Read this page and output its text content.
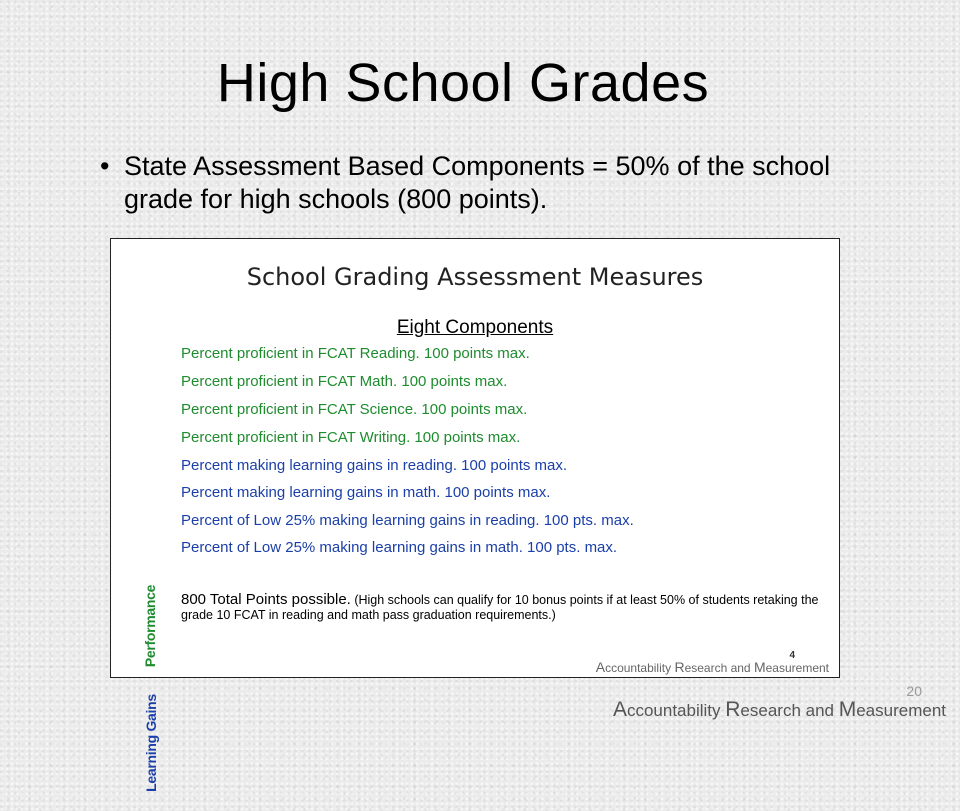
High School Grades
• State Assessment Based Components = 50% of the school grade for high schools (800 points).
School Grading Assessment Measures
Eight Components
Performance
Learning Gains
Percent proficient in FCAT Reading. 100 points max.
Percent proficient in FCAT Math. 100 points max.
Percent proficient in FCAT Science. 100 points max.
Percent proficient in FCAT Writing. 100 points max.
Percent making learning gains in reading. 100 points max.
Percent making learning gains in math. 100 points max.
Percent of Low 25% making learning gains in reading. 100 pts. max.
Percent of Low 25% making learning gains in math. 100 pts. max.
800 Total Points possible. (High schools can qualify for 10 bonus points if at least 50% of students retaking the grade 10 FCAT in reading and math pass graduation requirements.)
4
Accountability Research and Measurement
20
Accountability Research and Measurement
